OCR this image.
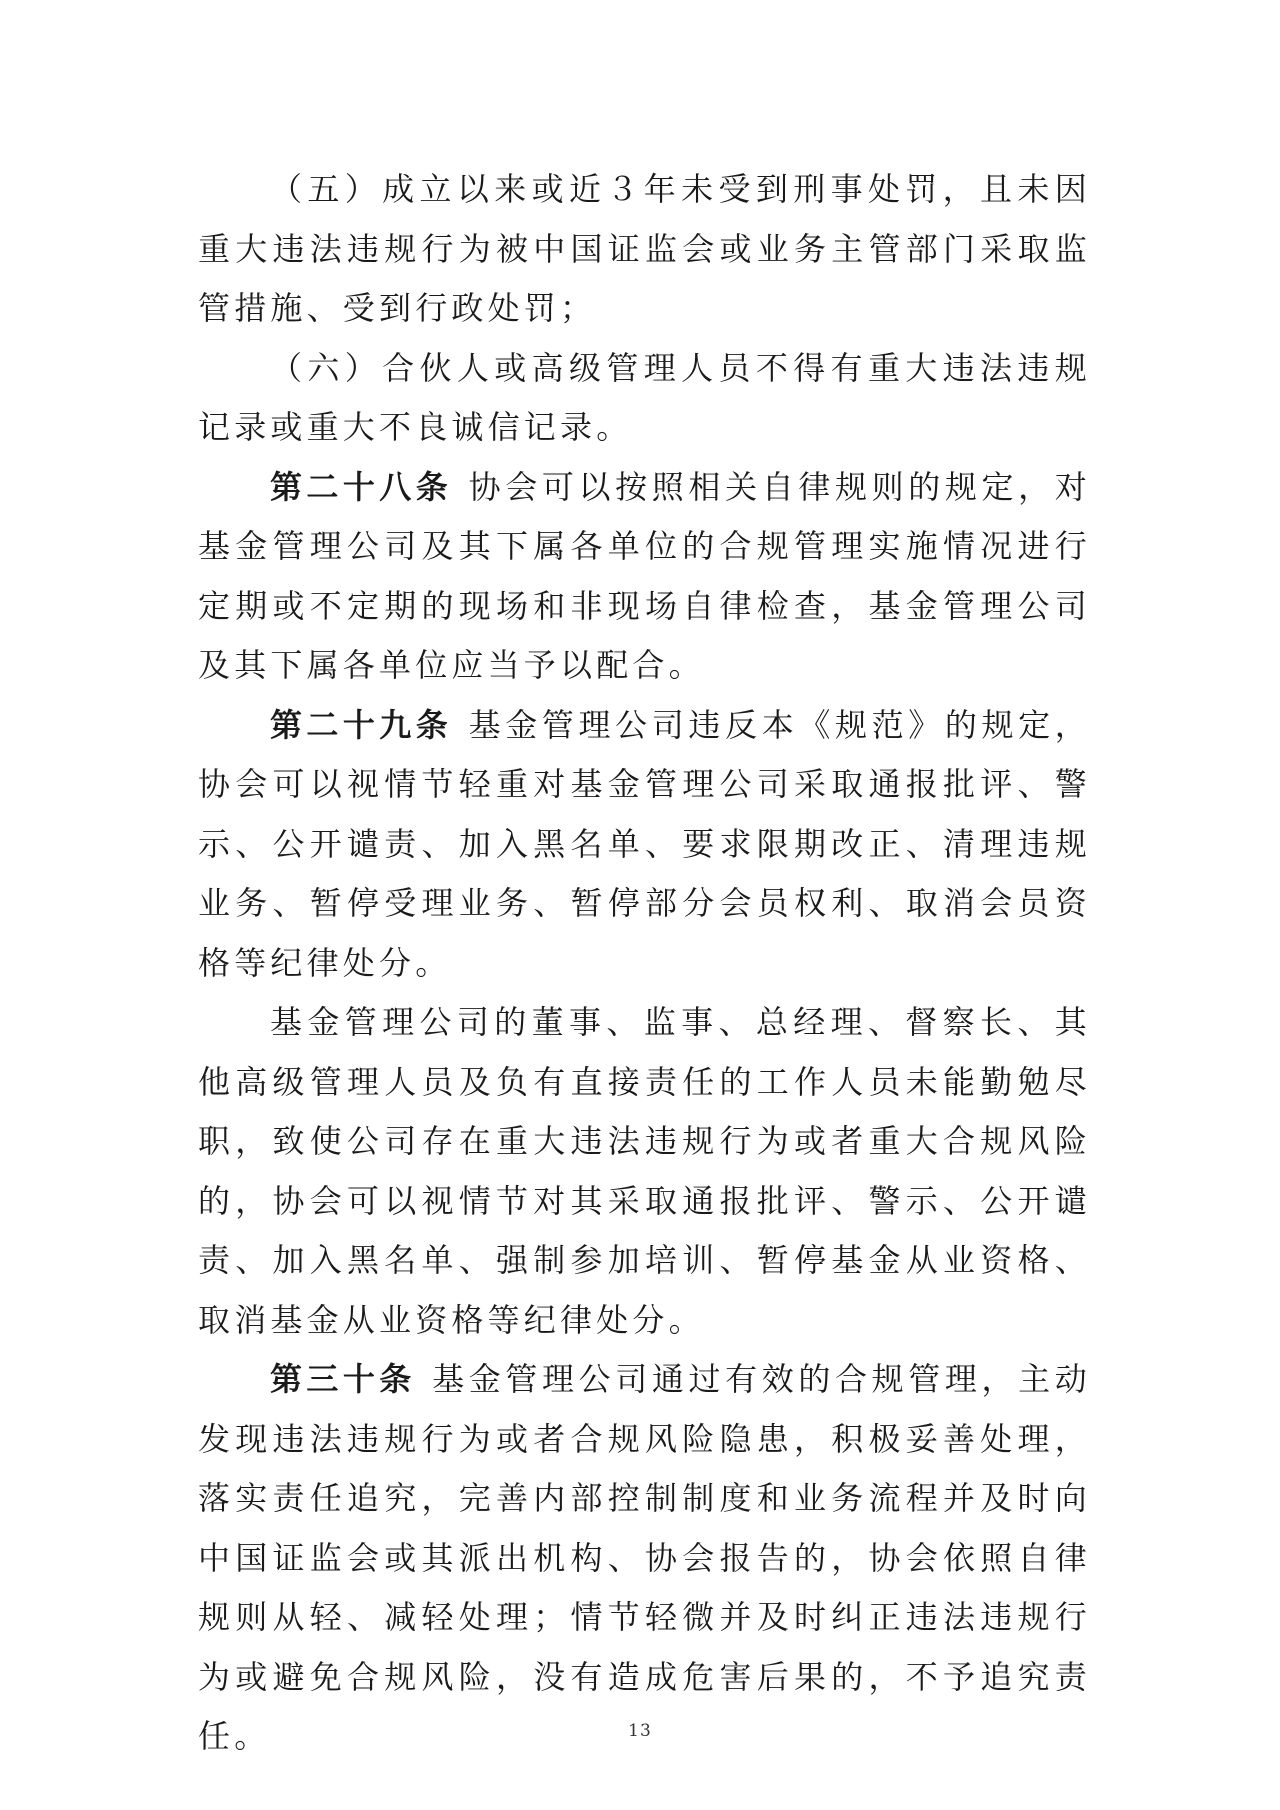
（五）成立以来或近３年未受到刑事处罚，且未因重大违法违规行为被中国证监会或业务主管部门采取监管措施、受到行政处罚；

（六）合伙人或高级管理人员不得有重大违法违规记录或重大不良诚信记录。

第二十八条 协会可以按照相关自律规则的规定，对基金管理公司及其下属各单位的合规管理实施情况进行定期或不定期的现场和非现场自律检查，基金管理公司及其下属各单位应当予以配合。

第二十九条 基金管理公司违反本《规范》的规定，协会可以视情节轻重对基金管理公司采取通报批评、警示、公开谴责、加入黑名单、要求限期改正、清理违规业务、暂停受理业务、暂停部分会员权利、取消会员资格等纪律处分。

基金管理公司的董事、监事、总经理、督察长、其他高级管理人员及负有直接责任的工作人员未能勤勉尽职，致使公司存在重大违法违规行为或者重大合规风险的，协会可以视情节对其采取通报批评、警示、公开谴责、加入黑名单、强制参加培训、暂停基金从业资格、取消基金从业资格等纪律处分。

第三十条 基金管理公司通过有效的合规管理，主动发现违法违规行为或者合规风险隐患，积极妥善处理，落实责任追究，完善内部控制制度和业务流程并及时向中国证监会或其派出机构、协会报告的，协会依照自律规则从轻、减轻处理；情节轻微并及时纠正违法违规行为或避免合规风险，没有造成危害后果的，不予追究责任。	13
